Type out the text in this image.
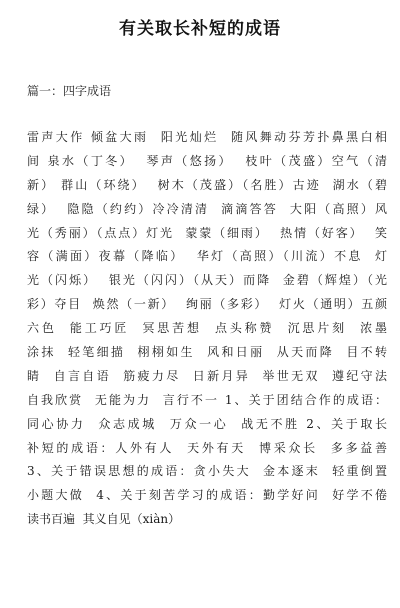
有关取长补短的成语
篇一：四字成语
雷声大作 倾盆大雨  阳光灿烂  随风舞动芬芳扑鼻黑白相
间 泉水（丁冬）  琴声（悠扬）  枝叶（茂盛）空气（清
新） 群山（环绕）  树木（茂盛）（名胜）古迹  湖水（碧
绿）  隐隐（约约）冷冷清清  滴滴答答  大阳（高照）风
光（秀丽）（点点）灯光  蒙蒙（细雨）  热情（好客）  笑
容（满面）夜幕（降临）  华灯（高照）（川流）不息  灯
光（闪烁）  银光（闪闪）（从天）而降  金碧（辉煌）（光
彩）夺目  焕然（一新）  绚丽（多彩）  灯火（通明）五颜
六色  能工巧匠  冥思苦想  点头称赞  沉思片刻  浓墨
涂抹  轻笔细描  栩栩如生  风和日丽  从天而降  目不转
睛  自言自语  筋疲力尽  日新月异  举世无双  遵纪守法
自我欣赏  无能为力  言行不一 1、关于团结合作的成语：
同心协力  众志成城  万众一心  战无不胜 2、关于取长
补短的成语：人外有人  天外有天  博采众长  多多益善
3、关于错误思想的成语：贪小失大  金本逐末  轻重倒置
小题大做  4、关于刻苦学习的成语：勤学好问  好学不倦
读书百遍  其义自见（xiàn）
